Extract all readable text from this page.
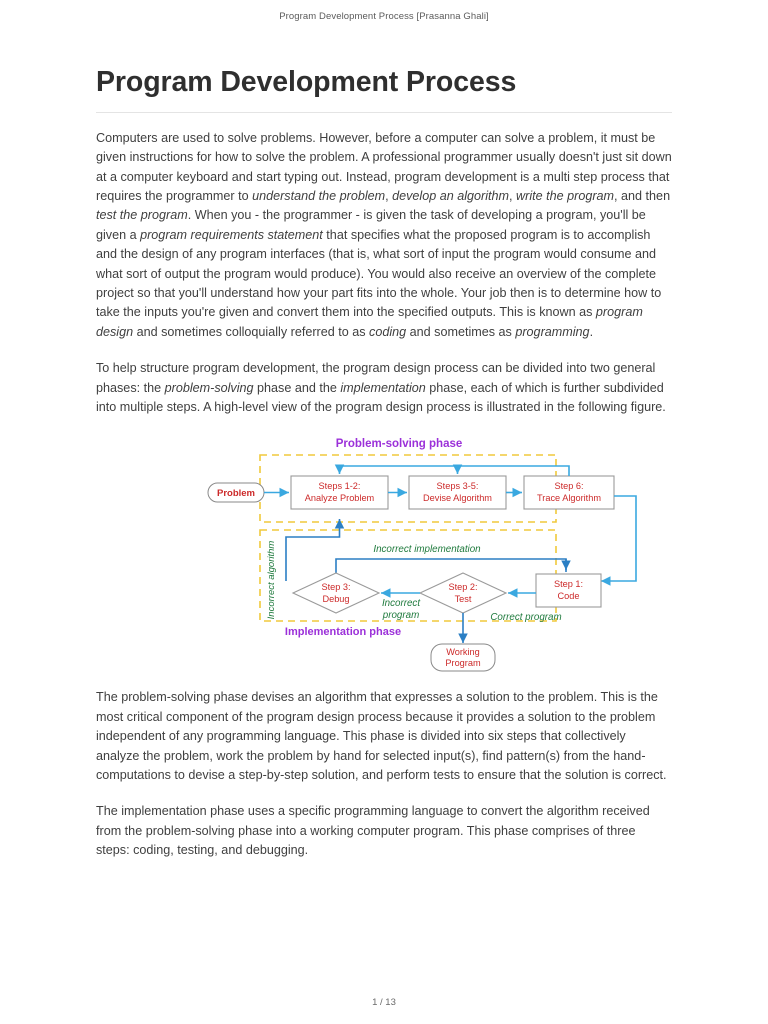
Program Development Process [Prasanna Ghali]
Program Development Process

Computers are used to solve problems. However, before a computer can solve a problem, it must be given instructions for how to solve the problem. A professional programmer usually doesn't just sit down at a computer keyboard and start typing out. Instead, program development is a multi step process that requires the programmer to understand the problem, develop an algorithm, write the program, and then test the program. When you - the programmer - is given the task of developing a program, you'll be given a program requirements statement that specifies what the proposed program is to accomplish and the design of any program interfaces (that is, what sort of input the program would consume and what sort of output the program would produce). You would also receive an overview of the complete project so that you'll understand how your part fits into the whole. Your job then is to determine how to take the inputs you're given and convert them into the specified outputs. This is known as program design and sometimes colloquially referred to as coding and sometimes as programming.

To help structure program development, the program design process can be divided into two general phases: the problem-solving phase and the implementation phase, each of which is further subdivided into multiple steps. A high-level view of the program design process is illustrated in the following figure.

Problem-solving phase
Problem
Steps 1-2:
Analyze Problem
Steps 3-5:
Devise Algorithm
Step 6:
Trace Algorithm
Incorrect algorithm	Incorrect implementation
Step 3:
Debug
Step 2:
Test
Step 1:
Code
Incorrect
program	Correct program
Implementation phase
Working
Program

The problem-solving phase devises an algorithm that expresses a solution to the problem. This is the most critical component of the program design process because it provides a solution to the problem independent of any programming language. This phase is divided into six steps that collectively analyze the problem, work the problem by hand for selected input(s), find pattern(s) from the hand-computations to devise a step-by-step solution, and perform tests to ensure that the solution is correct.

The implementation phase uses a specific programming language to convert the algorithm received from the problem-solving phase into a working computer program. This phase comprises of three steps: coding, testing, and debugging.

1 / 13
